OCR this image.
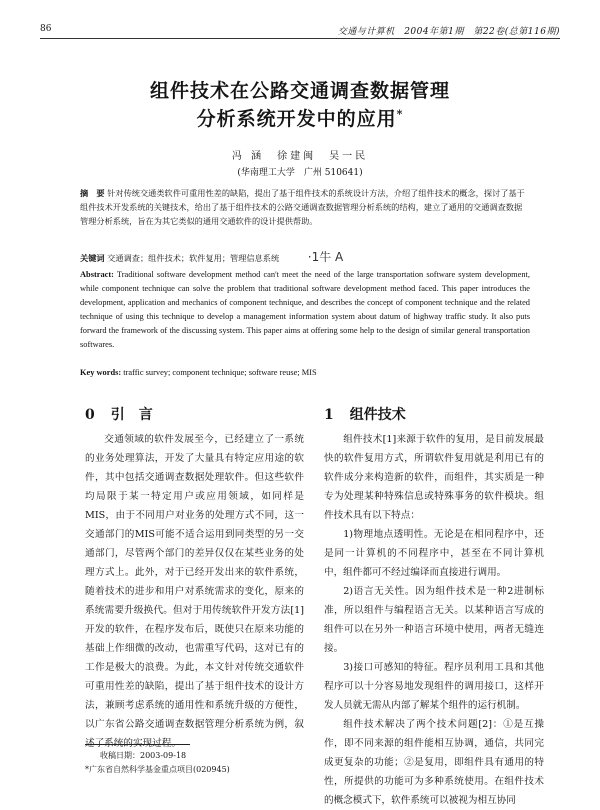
86	交通与计算机　2004年第1期　第22卷(总第116期)
组件技术在公路交通调查数据管理
分析系统开发中的应用*
冯 涵　徐建闽　吴一民
(华南理工大学　广州 510641)
摘　要 针对传统交通类软件可重用性差的缺陷，提出了基于组件技术的系统设计方法，介绍了组件技术的概念，探讨了基于组件技术开发系统的关键技术，给出了基于组件技术的公路交通调查数据管理分析系统的结构，建立了通用的交通调查数据管理分析系统，旨在为其它类似的通用交通软件的设计提供帮助。
关键词 交通调查；组件技术；软件复用；管理信息系统 ·1牛 A
Abstract: Traditional software development method can't meet the need of the large transportation software system development, while component technique can solve the problem that traditional software development method faced. This paper introduces the development, application and mechanics of component technique, and describes the concept of component technique and the related technique of using this technique to develop a management information system about datum of highway traffic study. It also puts forward the framework of the discussing system. This paper aims at offering some help to the design of similar general transportation softwares.
Key words: traffic survey; component technique; software reuse; MIS
0 引　言	1 组件技术

交通领域的软件发展至今，已经建立了一系统的业务处理算法，开发了大量具有特定应用途的软件，其中包括交通调查数据处理软件。但这些软件均局限于某一特定用户或应用领域，如同样是MIS，由于不同用户对业务的处理方式不同，这一交通部门的MIS可能不适合运用到同类型的另一交通部门，尽管两个部门的差异仅仅在某些业务的处理方式上。此外，对于已经开发出来的软件系统，随着技术的进步和用户对系统需求的变化，原来的系统需要升级换代。但对于用传统软件开发方法[1]开发的软件，在程序发布后，既使只在原来功能的基础上作细微的改动，也需重写代码，这对已有的工作是极大的浪费。为此，本文针对传统交通软件可重用性差的缺陷，提出了基于组件技术的设计方法，兼顾考虑系统的通用性和系统升级的方便性，以广东省公路交通调查数据管理分析系统为例，叙述了系统的实现过程。

收稿日期：2003-09-18
*广东省自然科学基金重点项目(020945)

组件技术[1]来源于软件的复用，是目前发展最快的软件复用方式，所谓软件复用就是利用已有的软件成分来构造新的软件，而组件，其实质是一种专为处理某种特殊信息或特殊事务的软件模块。组件技术具有以下特点：

1)物理地点透明性。无论是在相同程序中，还是同一计算机的不同程序中，甚至在不同计算机中，组件都可不经过编译而直接进行调用。

2)语言无关性。因为组件技术是一种2进制标准，所以组件与编程语言无关。以某种语言写成的组件可以在另外一种语言环境中使用，两者无缝连接。

3)接口可感知的特征。程序员利用工具和其他程序可以十分容易地发现组件的调用接口，这样开发人员就无需从内部了解某个组件的运行机制。

组件技术解决了两个技术问题[2]：①是互操作，即不同来源的组件能相互协调，通信，共同完成更复杂的功能；②是复用，即组件具有通用的特性，所提供的功能可为多种系统使用。在组件技术的概念模式下，软件系统可以被视为相互协同
